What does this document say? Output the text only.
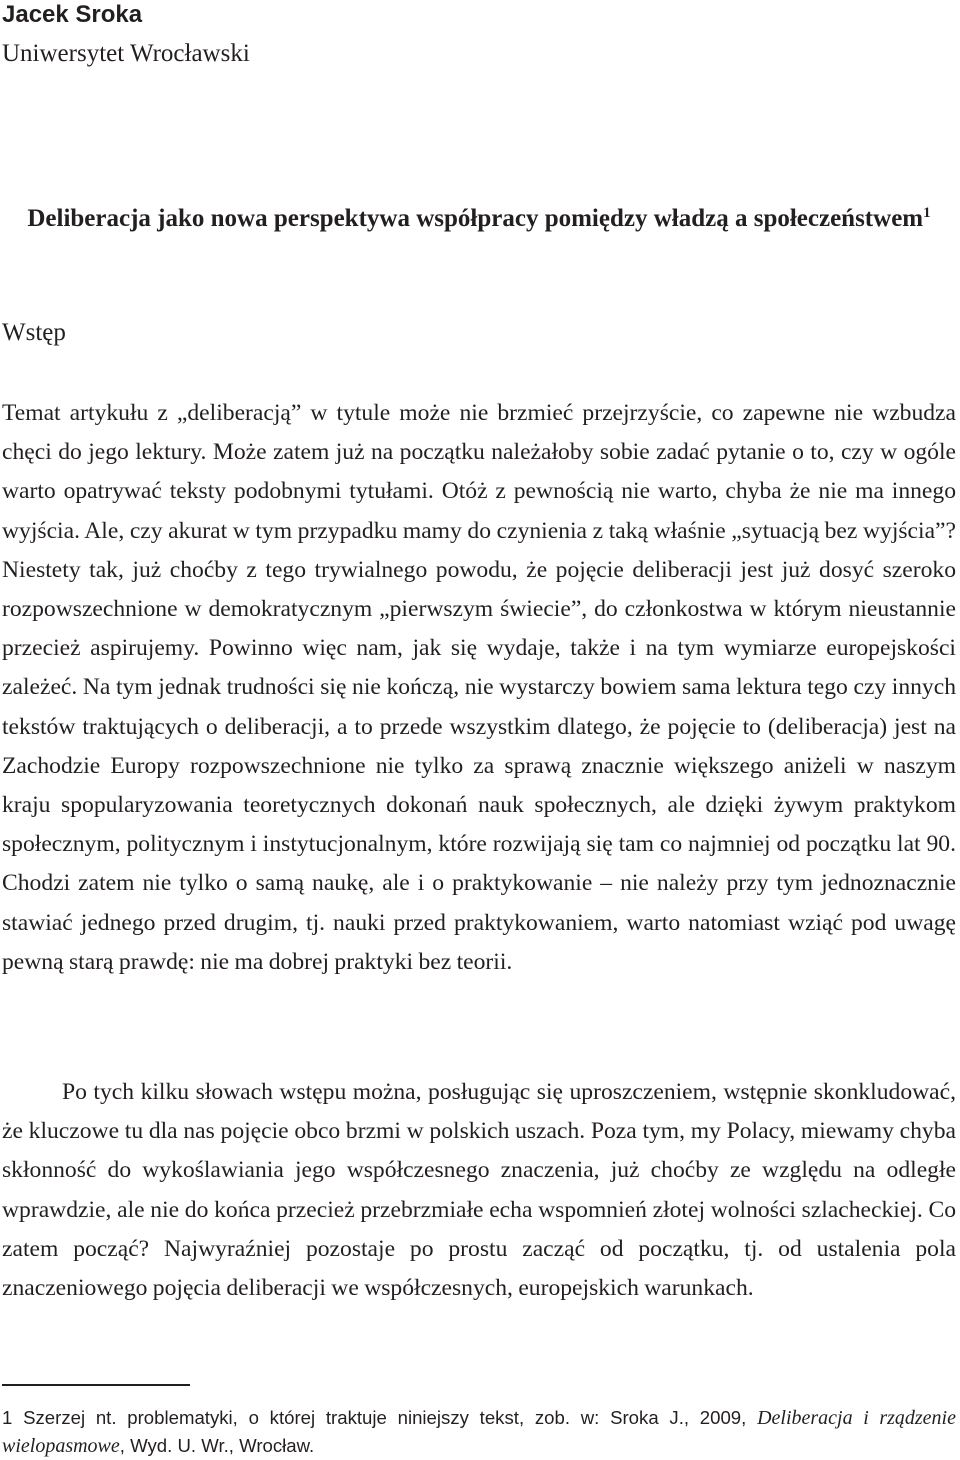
Jacek Sroka
Uniwersytet Wrocławski
Deliberacja jako nowa perspektywa współpracy pomiędzy władzą a społeczeństwem$^1$
Wstęp

Temat artykułu z „deliberacją” w tytule może nie brzmieć przejrzyście, co zapewne nie wzbudza chęci do jego lektury. Może zatem już na początku należałoby sobie zadać pytanie o to, czy w ogóle warto opatrywać teksty podobnymi tytułami. Otóż z pewnością nie warto, chyba że nie ma innego wyjścia. Ale, czy akurat w tym przypadku mamy do czynienia z taką właśnie „sytuacją bez wyjścia”? Niestety tak, już choćby z tego trywialnego powodu, że pojęcie deliberacji jest już dosyć szeroko rozpowszechnione w demokratycznym „pierwszym świecie”, do członkostwa w którym nieustannie przecież aspirujemy. Powinno więc nam, jak się wydaje, także i na tym wymiarze europejskości zależeć. Na tym jednak trudności się nie kończą, nie wystarczy bowiem sama lektura tego czy innych tekstów traktujących o deliberacji, a to przede wszystkim dlatego, że pojęcie to (deliberacja) jest na Zachodzie Europy rozpowszechnione nie tylko za sprawą znacznie większego aniżeli w naszym kraju spopularyzowania teoretycznych dokonań nauk społecznych, ale dzięki żywym praktykom społecznym, politycznym i instytucjonalnym, które rozwijają się tam co najmniej od początku lat 90. Chodzi zatem nie tylko o samą naukę, ale i o praktykowanie – nie należy przy tym jednoznacznie stawiać jednego przed drugim, tj. nauki przed praktykowaniem, warto natomiast wziąć pod uwagę pewną starą prawdę: nie ma dobrej praktyki bez teorii.

Po tych kilku słowach wstępu można, posługując się uproszczeniem, wstępnie skonkludować, że kluczowe tu dla nas pojęcie obco brzmi w polskich uszach. Poza tym, my Polacy, miewamy chyba skłonność do wykoślawiania jego współczesnego znaczenia, już choćby ze względu na odległe wprawdzie, ale nie do końca przecież przebrzmiałe echa wspomnień złotej wolności szlacheckiej. Co zatem począć? Najwyraźniej pozostaje po prostu zacząć od początku, tj. od ustalenia pola znaczeniowego pojęcia deliberacji we współczesnych, europejskich warunkach.

1 Szerzej nt. problematyki, o której traktuje niniejszy tekst, zob. w: Sroka J., 2009, Deliberacja i rządzenie wielopasmowe, Wyd. U. Wr., Wrocław.
